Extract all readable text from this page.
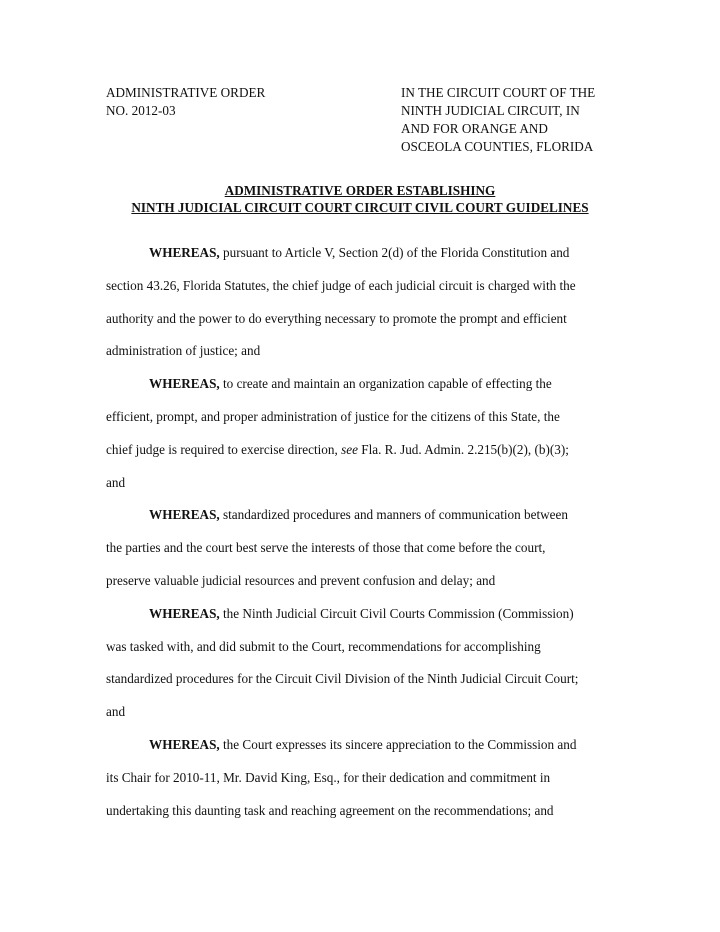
ADMINISTRATIVE ORDER
NO. 2012-03
IN THE CIRCUIT COURT OF THE
NINTH JUDICIAL CIRCUIT, IN
AND FOR ORANGE AND
OSCEOLA COUNTIES, FLORIDA
ADMINISTRATIVE ORDER ESTABLISHING
NINTH JUDICIAL CIRCUIT COURT CIRCUIT CIVIL COURT GUIDELINES
WHEREAS, pursuant to Article V, Section 2(d) of the Florida Constitution and
section 43.26, Florida Statutes, the chief judge of each judicial circuit is charged with the
authority and the power to do everything necessary to promote the prompt and efficient
administration of justice; and
WHEREAS, to create and maintain an organization capable of effecting the
efficient, prompt, and proper administration of justice for the citizens of this State, the
chief judge is required to exercise direction, see Fla. R. Jud. Admin. 2.215(b)(2), (b)(3);
and
WHEREAS, standardized procedures and manners of communication between
the parties and the court best serve the interests of those that come before the court,
preserve valuable judicial resources and prevent confusion and delay; and
WHEREAS, the Ninth Judicial Circuit Civil Courts Commission (Commission)
was tasked with, and did submit to the Court, recommendations for accomplishing
standardized procedures for the Circuit Civil Division of the Ninth Judicial Circuit Court;
and
WHEREAS, the Court expresses its sincere appreciation to the Commission and
its Chair for 2010-11, Mr. David King, Esq., for their dedication and commitment in
undertaking this daunting task and reaching agreement on the recommendations; and
